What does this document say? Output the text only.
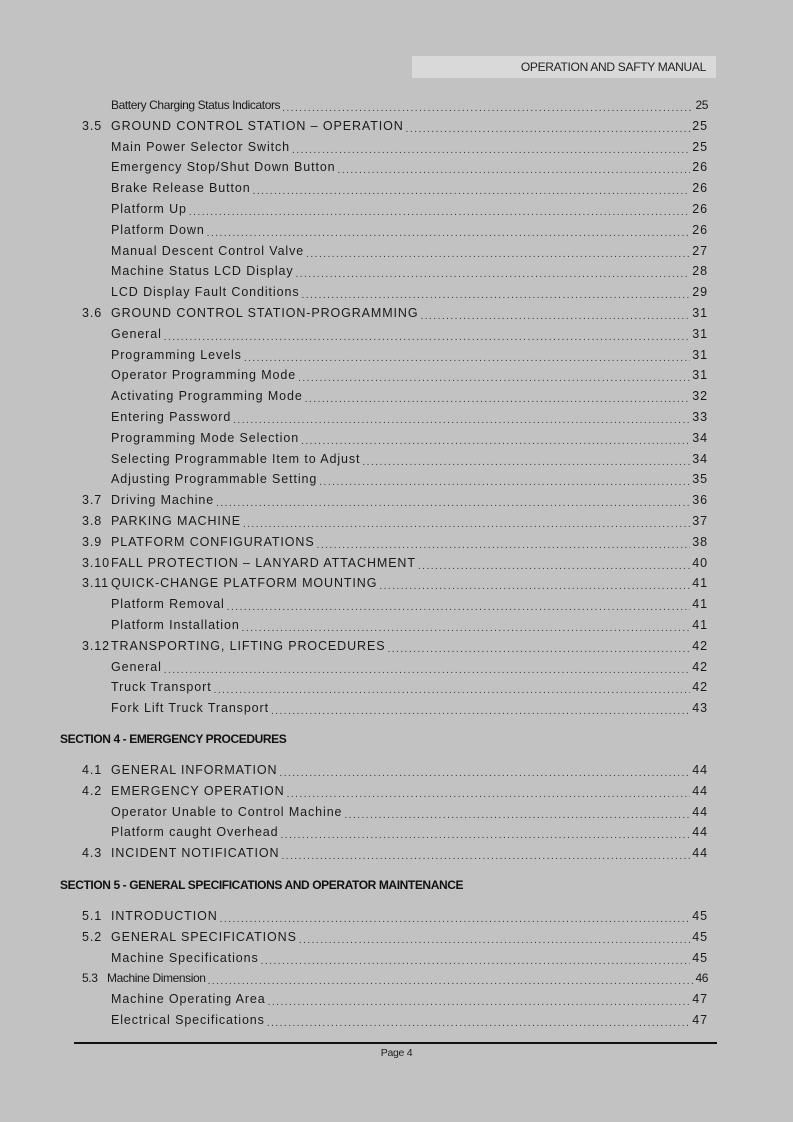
OPERATION AND SAFTY MANUAL
Battery Charging Status Indicators .....	25
3.5 GROUND CONTROL STATION – OPERATION .....	25
Main Power Selector Switch .....	25
Emergency Stop/Shut Down Button .....	26
Brake Release Button .....	26
Platform Up .....	26
Platform Down .....	26
Manual Descent Control Valve .....	27
Machine Status LCD Display .....	28
LCD Display Fault Conditions .....	29
3.6 GROUND CONTROL STATION-PROGRAMMING .....	31
General .....	31
Programming Levels .....	31
Operator Programming Mode .....	31
Activating Programming Mode .....	32
Entering Password .....	33
Programming Mode Selection .....	34
Selecting Programmable Item to Adjust .....	34
Adjusting Programmable Setting .....	35
3.7 Driving Machine .....	36
3.8 PARKING MACHINE .....	37
3.9 PLATFORM CONFIGURATIONS .....	38
3.10 FALL PROTECTION – LANYARD ATTACHMENT .....	40
3.11 QUICK-CHANGE PLATFORM MOUNTING .....	41
Platform Removal .....	41
Platform Installation .....	41
3.12 TRANSPORTING, LIFTING PROCEDURES .....	42
General .....	42
Truck Transport .....	42
Fork Lift Truck Transport .....	43
4.1 GENERAL INFORMATION .....	44
4.2 EMERGENCY OPERATION .....	44
Operator Unable to Control Machine .....	44
Platform caught Overhead .....	44
4.3 INCIDENT NOTIFICATION .....	44
5.1 INTRODUCTION .....	45
5.2 GENERAL SPECIFICATIONS .....	45
Machine Specifications .....	45
5.3 Machine Dimension .....	46
Machine Operating Area .....	47
Electrical Specifications .....	47
SECTION 4 - EMERGENCY PROCEDURES
SECTION 5 - GENERAL SPECIFICATIONS AND OPERATOR MAINTENANCE
Page 4
